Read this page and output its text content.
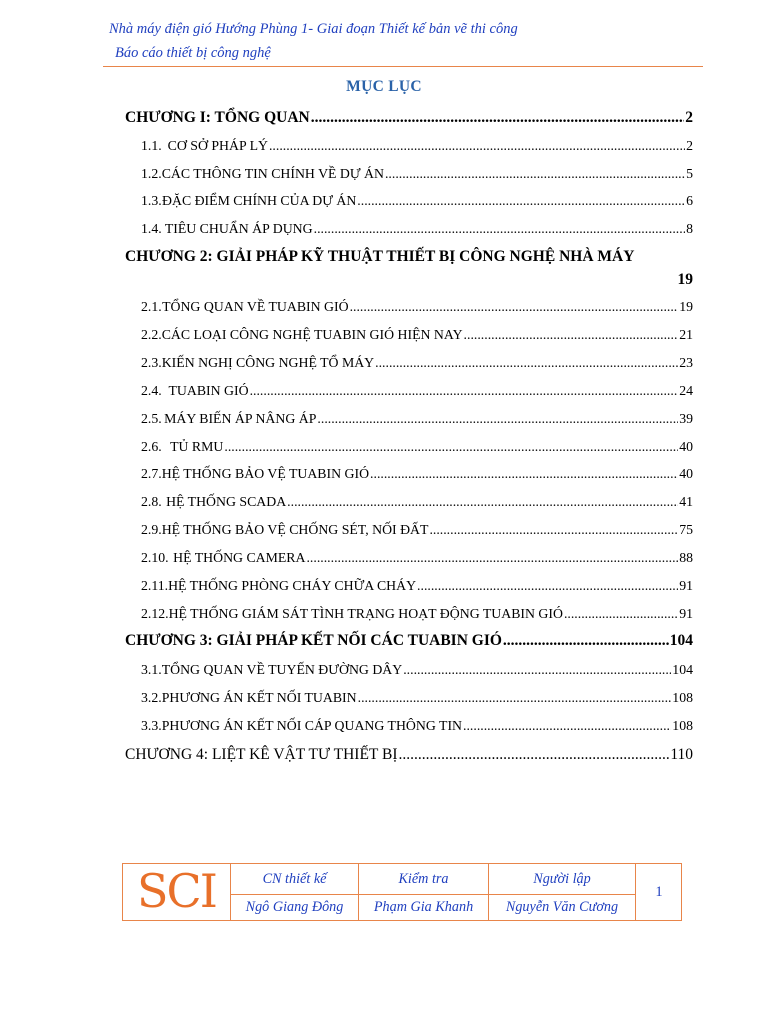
Nhà máy điện gió Hướng Phùng 1- Giai đoạn Thiết kế bản vẽ thi công
Báo cáo thiết bị công nghệ
MỤC LỤC
CHƯƠNG I: TỔNG QUAN .....	2
1.1. CƠ SỞ PHÁP LÝ .....	2
1.2. CÁC THÔNG TIN CHÍNH VỀ DỰ ÁN .....	5
1.3. ĐẶC ĐIỂM CHÍNH CỦA DỰ ÁN .....	6
1.4. TIÊU CHUẨN ÁP DỤNG .....	8
CHƯƠNG 2: GIẢI PHÁP KỸ THUẬT THIẾT BỊ CÔNG NGHỆ NHÀ MÁY
19
2.1. TỔNG QUAN VỀ TUABIN GIÓ .....	19
2.2. CÁC LOẠI CÔNG NGHỆ TUABIN GIÓ HIỆN NAY .....	21
2.3. KIẾN NGHỊ CÔNG NGHỆ TỔ MÁY .....	23
2.4. TUABIN GIÓ .....	24
2.5. MÁY BIẾN ÁP NÂNG ÁP .....	39
2.6. TỦ RMU .....	40
2.7. HỆ THỐNG BẢO VỆ TUABIN GIÓ .....	40
2.8. HỆ THỐNG SCADA .....	41
2.9. HỆ THỐNG BẢO VỆ CHỐNG SÉT, NỐI ĐẤT .....	75
2.10. HỆ THỐNG CAMERA .....	88
2.11. HỆ THỐNG PHÒNG CHÁY CHỮA CHÁY .....	91
2.12. HỆ THỐNG GIÁM SÁT TÌNH TRẠNG HOẠT ĐỘNG TUABIN GIÓ .....	91
CHƯƠNG 3: GIẢI PHÁP KẾT NỐI CÁC TUABIN GIÓ .....	104
3.1. TỔNG QUAN VỀ TUYẾN ĐƯỜNG DÂY .....	104
3.2. PHƯƠNG ÁN KẾT NỐI TUABIN .....	108
3.3. PHƯƠNG ÁN KẾT NỐI CÁP QUANG THÔNG TIN .....	108
CHƯƠNG 4: LIỆT KÊ VẬT TƯ THIẾT BỊ .....	110
SCI	CN thiết kế	Kiểm tra	Người lập
Ngô Giang Đông	Phạm Gia Khanh	Nguyễn Văn Cương
1
